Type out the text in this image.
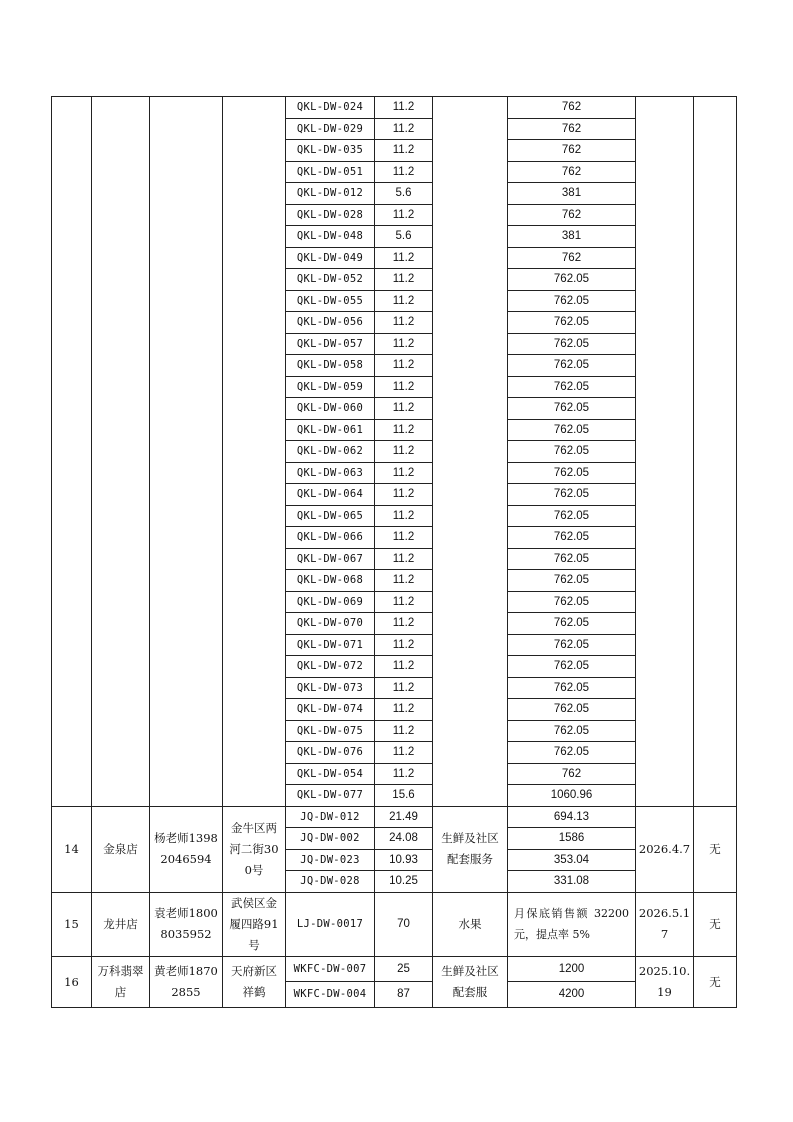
				QKL-DW-024	11.2		762		
				QKL-DW-029	11.2		762		
				QKL-DW-035	11.2		762		
				QKL-DW-051	11.2		762		
				QKL-DW-012	5.6		381		
				QKL-DW-028	11.2		762		
				QKL-DW-048	5.6		381		
				QKL-DW-049	11.2		762		
				QKL-DW-052	11.2		762.05		
				QKL-DW-055	11.2		762.05		
				QKL-DW-056	11.2		762.05		
				QKL-DW-057	11.2		762.05		
				QKL-DW-058	11.2		762.05		
				QKL-DW-059	11.2		762.05		
				QKL-DW-060	11.2		762.05		
				QKL-DW-061	11.2		762.05		
				QKL-DW-062	11.2		762.05		
				QKL-DW-063	11.2		762.05		
				QKL-DW-064	11.2		762.05		
				QKL-DW-065	11.2		762.05		
				QKL-DW-066	11.2		762.05		
				QKL-DW-067	11.2		762.05		
				QKL-DW-068	11.2		762.05		
				QKL-DW-069	11.2		762.05		
				QKL-DW-070	11.2		762.05		
				QKL-DW-071	11.2		762.05		
				QKL-DW-072	11.2		762.05		
				QKL-DW-073	11.2		762.05		
				QKL-DW-074	11.2		762.05		
				QKL-DW-075	11.2		762.05		
				QKL-DW-076	11.2		762.05		
				QKL-DW-054	11.2		762		
				QKL-DW-077	15.6		1060.96		
14	金泉店	杨老师13982046594	金牛区两河二街300号	JQ-DW-012	21.49	生鲜及社区配套服务	694.13	2026.4.7	无
				JQ-DW-002	24.08		1586		
				JQ-DW-023	10.93		353.04		
				JQ-DW-028	10.25		331.08		
15	龙井店	袁老师18008035952	武侯区金履四路91号	LJ-DW-0017	70	水果	月保底销售额 32200 元，提点率 5%	2026.5.17	无
16	万科翡翠店	黄老师18702855	天府新区祥鹤	WKFC-DW-007	25	生鲜及社区配套服	1200	2025.10.19	无
				WKFC-DW-004	87		4200		
